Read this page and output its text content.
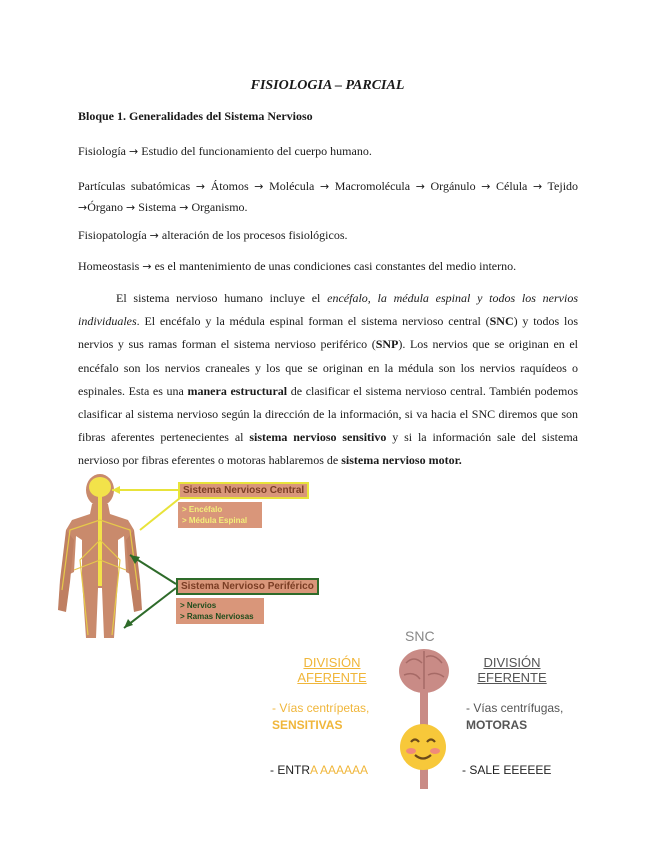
FISIOLOGIA – PARCIAL
Bloque 1. Generalidades del Sistema Nervioso
Fisiología → Estudio del funcionamiento del cuerpo humano.
Partículas subatómicas → Átomos → Molécula → Macromolécula → Orgánulo → Célula → Tejido →Órgano → Sistema → Organismo.
Fisiopatología → alteración de los procesos fisiológicos.
Homeostasis → es el mantenimiento de unas condiciones casi constantes del medio interno.

El sistema nervioso humano incluye el encéfalo, la médula espinal y todos los nervios individuales. El encéfalo y la médula espinal forman el sistema nervioso central (SNC) y todos los nervios y sus ramas forman el sistema nervioso periférico (SNP). Los nervios que se originan en el encéfalo son los nervios craneales y los que se originan en la médula son los nervios raquídeos o espinales. Esta es una manera estructural de clasificar el sistema nervioso central. También podemos clasificar al sistema nervioso según la dirección de la información, si va hacia el SNC diremos que son fibras aferentes pertenecientes al sistema nervioso sensitivo y si la información sale del sistema nervioso por fibras eferentes o motoras hablaremos de sistema nervioso motor.

Sistema Nervioso Central
> Encéfalo
> Médula Espinal
Sistema Nervioso Periférico
> Nervios
> Ramas Nerviosas
SNC
DIVISIÓN
AFERENTE
- Vías centrípetas,
SENSITIVAS
- ENTRA AAAAAA
DIVISIÓN
EFERENTE
- Vías centrífugas,
MOTORAS
- SALE EEEEEE
